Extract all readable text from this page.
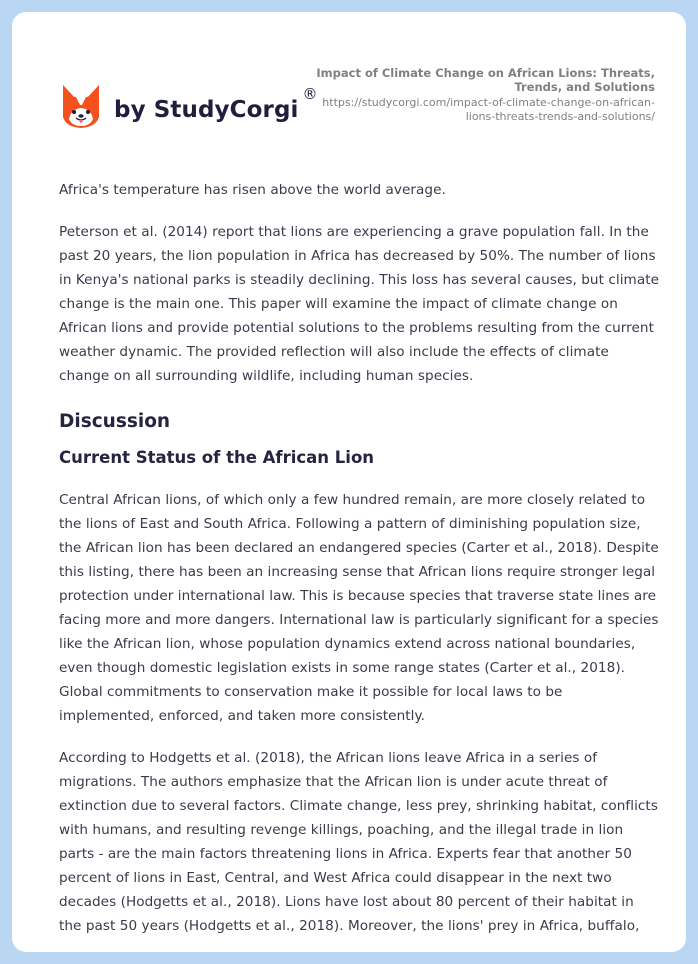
by StudyCorgi
®
Impact of Climate Change on African Lions: Threats, Trends, and Solutions
https://studycorgi.com/impact-of-climate-change-on-african-lions-threats-trends-and-solutions/

Africa's temperature has risen above the world average.

Peterson et al. (2014) report that lions are experiencing a grave population fall. In the past 20 years, the lion population in Africa has decreased by 50%. The number of lions in Kenya's national parks is steadily declining. This loss has several causes, but climate change is the main one. This paper will examine the impact of climate change on African lions and provide potential solutions to the problems resulting from the current weather dynamic. The provided reflection will also include the effects of climate change on all surrounding wildlife, including human species.

Discussion
Current Status of the African Lion

Central African lions, of which only a few hundred remain, are more closely related to the lions of East and South Africa. Following a pattern of diminishing population size, the African lion has been declared an endangered species (Carter et al., 2018). Despite this listing, there has been an increasing sense that African lions require stronger legal protection under international law. This is because species that traverse state lines are facing more and more dangers. International law is particularly significant for a species like the African lion, whose population dynamics extend across national boundaries, even though domestic legislation exists in some range states (Carter et al., 2018). Global commitments to conservation make it possible for local laws to be implemented, enforced, and taken more consistently.

According to Hodgetts et al. (2018), the African lions leave Africa in a series of migrations. The authors emphasize that the African lion is under acute threat of extinction due to several factors. Climate change, less prey, shrinking habitat, conflicts with humans, and resulting revenge killings, poaching, and the illegal trade in lion parts - are the main factors threatening lions in Africa. Experts fear that another 50 percent of lions in East, Central, and West Africa could disappear in the next two decades (Hodgetts et al., 2018). Lions have lost about 80 percent of their habitat in the past 50 years (Hodgetts et al., 2018). Moreover, the lions' prey in Africa, buffalo,
